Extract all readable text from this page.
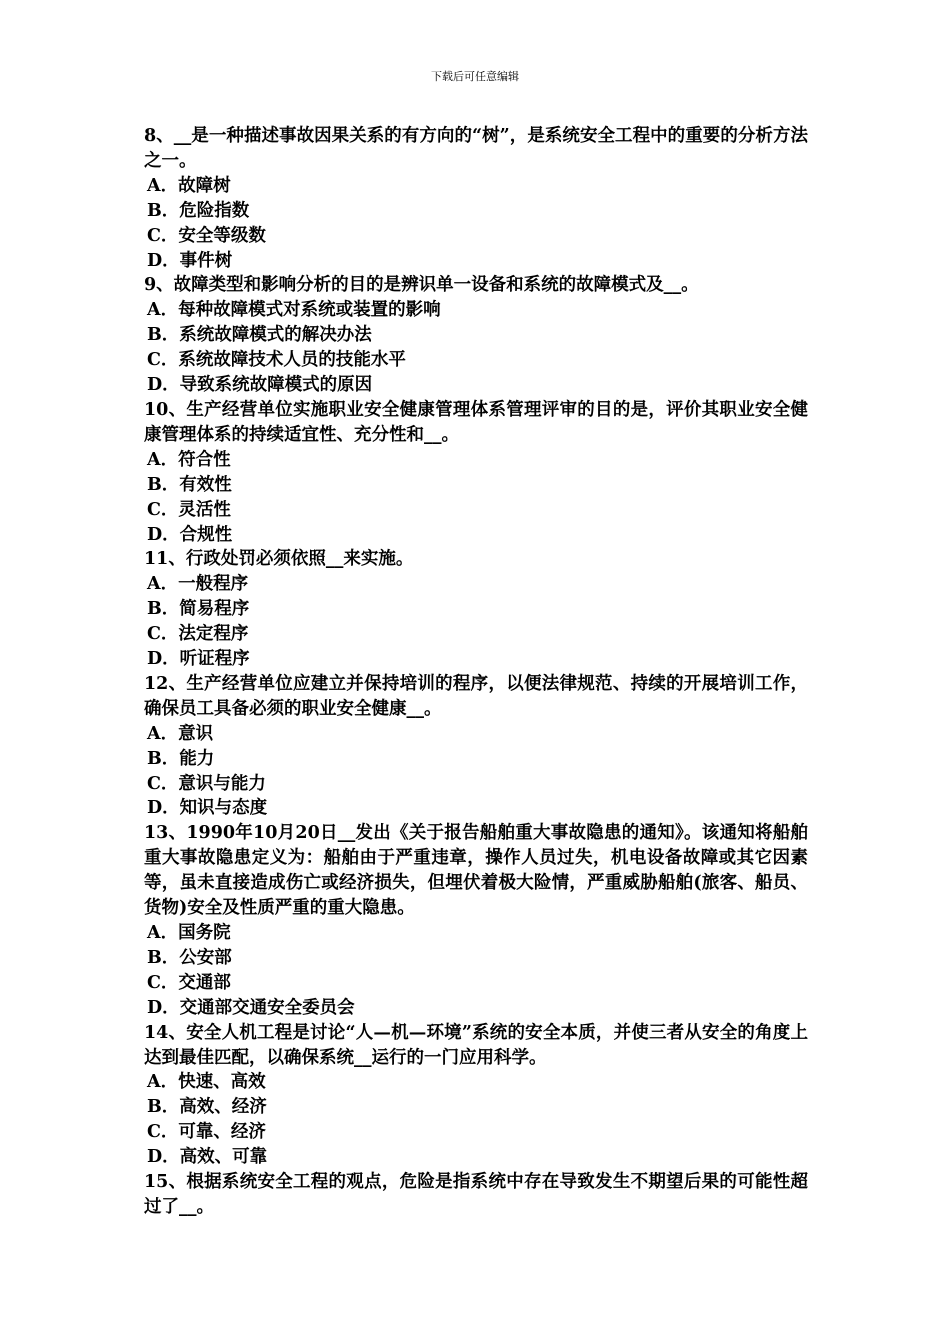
下载后可任意编辑

8、__是一种描述事故因果关系的有方向的“树”，是系统安全工程中的重要的分析方法之一。

A．故障树

B．危险指数

C．安全等级数

D．事件树

9、故障类型和影响分析的目的是辨识单一设备和系统的故障模式及__。

A．每种故障模式对系统或装置的影响

B．系统故障模式的解决办法

C．系统故障技术人员的技能水平

D．导致系统故障模式的原因

10、生产经营单位实施职业安全健康管理体系管理评审的目的是，评价其职业安全健康管理体系的持续适宜性、充分性和__。

A．符合性

B．有效性

C．灵活性

D．合规性

11、行政处罚必须依照__来实施。

A．一般程序

B．简易程序

C．法定程序

D．听证程序

12、生产经营单位应建立并保持培训的程序，以便法律规范、持续的开展培训工作，确保员工具备必须的职业安全健康__。

A．意识

B．能力

C．意识与能力

D．知识与态度

13、1990年10月20日__发出《关于报告船舶重大事故隐患的通知》。该通知将船舶重大事故隐患定义为：船舶由于严重违章，操作人员过失，机电设备故障或其它因素等，虽未直接造成伤亡或经济损失，但埋伏着极大险情，严重威胁船舶(旅客、船员、货物)安全及性质严重的重大隐患。

A．国务院

B．公安部

C．交通部

D．交通部交通安全委员会

14、安全人机工程是讨论“人—机—环境”系统的安全本质，并使三者从安全的角度上达到最佳匹配，以确保系统__运行的一门应用科学。

A．快速、高效

B．高效、经济

C．可靠、经济

D．高效、可靠

15、根据系统安全工程的观点，危险是指系统中存在导致发生不期望后果的可能性超过了__。
